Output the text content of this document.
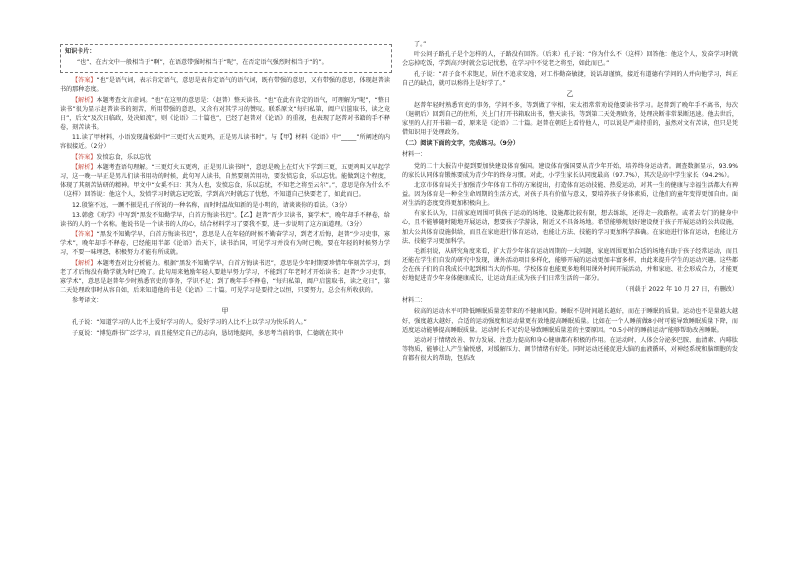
知识卡片：

“也”、在古文中一般相当于“啊”，在语意带强时相当于“呢”，在否定语气强烈时相当于“的”。

【答案】“也”是语气词，表示肯定语气，意思是表肯定语气的语气词，既有带强的意思，又有带强的意思，体现赵普读书的那种态度。

【解析】本题考查文言虚词。“也”在这里的意思是：（赵普）整天读书。“也”在此有肯定的语气，可理解为“呢”，“整日读书”很为显示赵普读书的刻苦，所用带强的意思，又含有对其学习的赞叹。联系原文“每归私第，阖户启箧取书，读之竟日”，后文“及次日临政，处决如流”，则《论语》二十篇也”，已经了赵普对《论语》的重视，也表现了赵普对书籍的手不释卷，刻苦读书。

11.读了甲材料，小语发现蒲松龄中“三更灯火五更鸡，正是男儿读书时”。与【甲】材料《论语》中“_____”所阐述的内容很接近。（2分）

【答案】发愤忘食，乐以忘忧

【解析】本题考查语句理解。“三更灯火五更鸡，正是男儿读书时”，意思是晚上在灯火下学到三更，五更鸡叫又早起学习，这一晚一早正是男儿们读书用功的时候，此句写人读书，自然要刻苦用功，要发愤忘食，乐以忘忧。能做到这个程度，体现了其刻苦钻研的精神。甲文中“女奚不曰：其为人也，发愤忘食，乐以忘忧，不知老之将至云尔”。”，意思是你为什么不（这样）回答说：他这个人，发愤学习时就忘记吃饭，学到高兴时就忘了忧愁，不知道自己快要老了，如此而已。

12.殷鉴不远，一蹶不振是孔子所说的一种名称，而时时温故知新的是小明的，请谈谈你的看法。（3分）

13.韩愈《劝学》中写到“黑发不知勤学早，白首方悔读书迟”。【乙】赵普“晋少卫读书，赛学术”，晚年却手不释卷，给读书的人的一个名称。他说书是一个读书的人的心，结合材料学习了要我不要，进一步说明了这方面道理。（3分）

【答案】“黑发不知勤学早，白首方悔读书迟”，意思是人在年轻的时候不勤奋学习，到老才后悔，赵普“少习吏事，寡学术”，晚年却手不释卷，已经能用半部《论语》治天下，读书治国，可见学习并没有为时已晚，要在年轻的时候努力学习，不要一味埋怨，积极努力才能有所成就。

【解析】本题考查对比分析能力。根据“黑发不知勤学早，白首方悔读书迟”，意思是少年时期要珍惜年华刻苦学习，到老了才后悔没有勤学就为时已晚了。此句用来勉励年轻人要趁早努力学习，不能到了年老时才开始读书；赵普“少习吏事，寡学术”，意思是赵普年少时熟悉官吏的事务，学识不足；到了晚年手不释卷，“每归私第，阖户启箧取书，读之竟日”，第二天处理政事时从容自如，后来知道他的书是《论语》二十篇。可见学习是要持之以恒，只要努力，总会有所收获的。

参考译文：

甲

孔子说：“知道学习的人比不上爱好学习的人，爱好学习的人比不上以学习为快乐的人。”

子夏说：“博览群书广泛学习，而且能坚定自己的志向，恳切地提问，多思考当前的事，仁德就在其中

了。”

叶公问子路孔子是个怎样的人，子路没有回答。（后来）孔子说：“你为什么不（这样）回答他：他这个人，发奋学习时就会忘掉吃饭，学到高兴时就会忘记忧愁，在学习中不觉老之将至，如此而已。”

孔子说：“君子食不求饱足，居住不追求安逸，对工作勤奋敏捷，说话却谨慎，接近有道德有学问的人并向他学习，纠正自己的缺点，就可以称得上是好学了。”

乙

赵普年轻时熟悉官吏的事务，学问不多，等到做了宰相，宋太祖常常劝说他要读书学习。赵普到了晚年手不离书，每次（退朝后）回到自己的住所，关上门打开书箱取出书，整天读书。等到第二天处理政务，处理决断非常果断迅速。他去世后，家里的人打开书箱一看，原来是《论语》二十篇。赵普在朝廷上看待他人，可以说是严肃持重的，虽然对文有苦读，但只是凭借知识用于处理政务。

（二）阅读下面的文字，完成练习。（9分）

材料一：

党的二十大报告中提到要加快建设体育强国。建设体育强国要从青少年开始，培养终身运动者。调查数据显示，93.9%的家长认同体育锻炼要成为青少年的终身习惯。对此，小学生家长认同度最高（97.7%），其次是高中学生家长（94.2%）。

北京市体育局关于加强青少年体育工作的方案提出，打造体育运动技能、热爱运动，对其一生的健康与幸福生活都大有裨益。因为体育是一种全生命周期的生活方式，对孩子具有价值与意义，要培养孩子身体素质，让他们的童年变得更加自由。面对生活的态度变得更加积极向上。

有家长认为，目前家庭周围可供孩子运动的场地、设施都比较有限，想去练练，还得走一段路程。或者去专门的健身中心，且不能够随时随地开展运动，想要孩子学游泳，附近又不具备场地。希望能够规划好建设便于孩子开展运动的公共设施，加大公共体育设施供给，而且在家庭进行体育运动，也能让方法、技能的学习更加科学准确。在家庭进行体育运动，也能让方法、技能学习更加科学。

毛新羽说，从研究角度来看，扩大青少年体育运动周期的一大问题，家庭周围更加合适的场地有助于孩子经常运动，而且还能在学生们自发的研究中发现，课外活动项目多样化，能够开展的运动更加丰富多样，由此来提升学生的运动兴趣。这些都会在孩子们的自我成长中起到相当大的作用。学校体育也能更多地利用课外时间开展活动，并和家庭、社会形成合力，才能更好地促进青少年身体健康成长，让运动真正成为孩子们日常生活的一部分。

（刊载于 2022 年 10 月 27 日，有删改）

材料二：

较高的运动水平可降低睡眠质量差带来的不健康风险。睡眠不是时间越长越好，而在于睡眠的质量。运动也不是量越大越好，强度越大越好，合适的运动强度和运动量更有效地提高睡眠质量。比如在一个人睡前做8小时可能导致睡眠质量下降，而适度运动能够提高睡眠质量。运动时长不足约是导致睡眠质量差的主要原因。“0.5小时的睡前运动”能够帮助改善睡眠。

运动对于情绪改善、智力发展、注意力提高和身心健康都有积极的作用。在运动时，人体会分泌多巴胺、血清素、内啡肽等物质，能够让人产生愉悦感，对缓解压力、调节情绪有好处。同时运动还能促进大脑的血液循环，对神经系统和脑细胞的发育都有很大的帮助，包括改
